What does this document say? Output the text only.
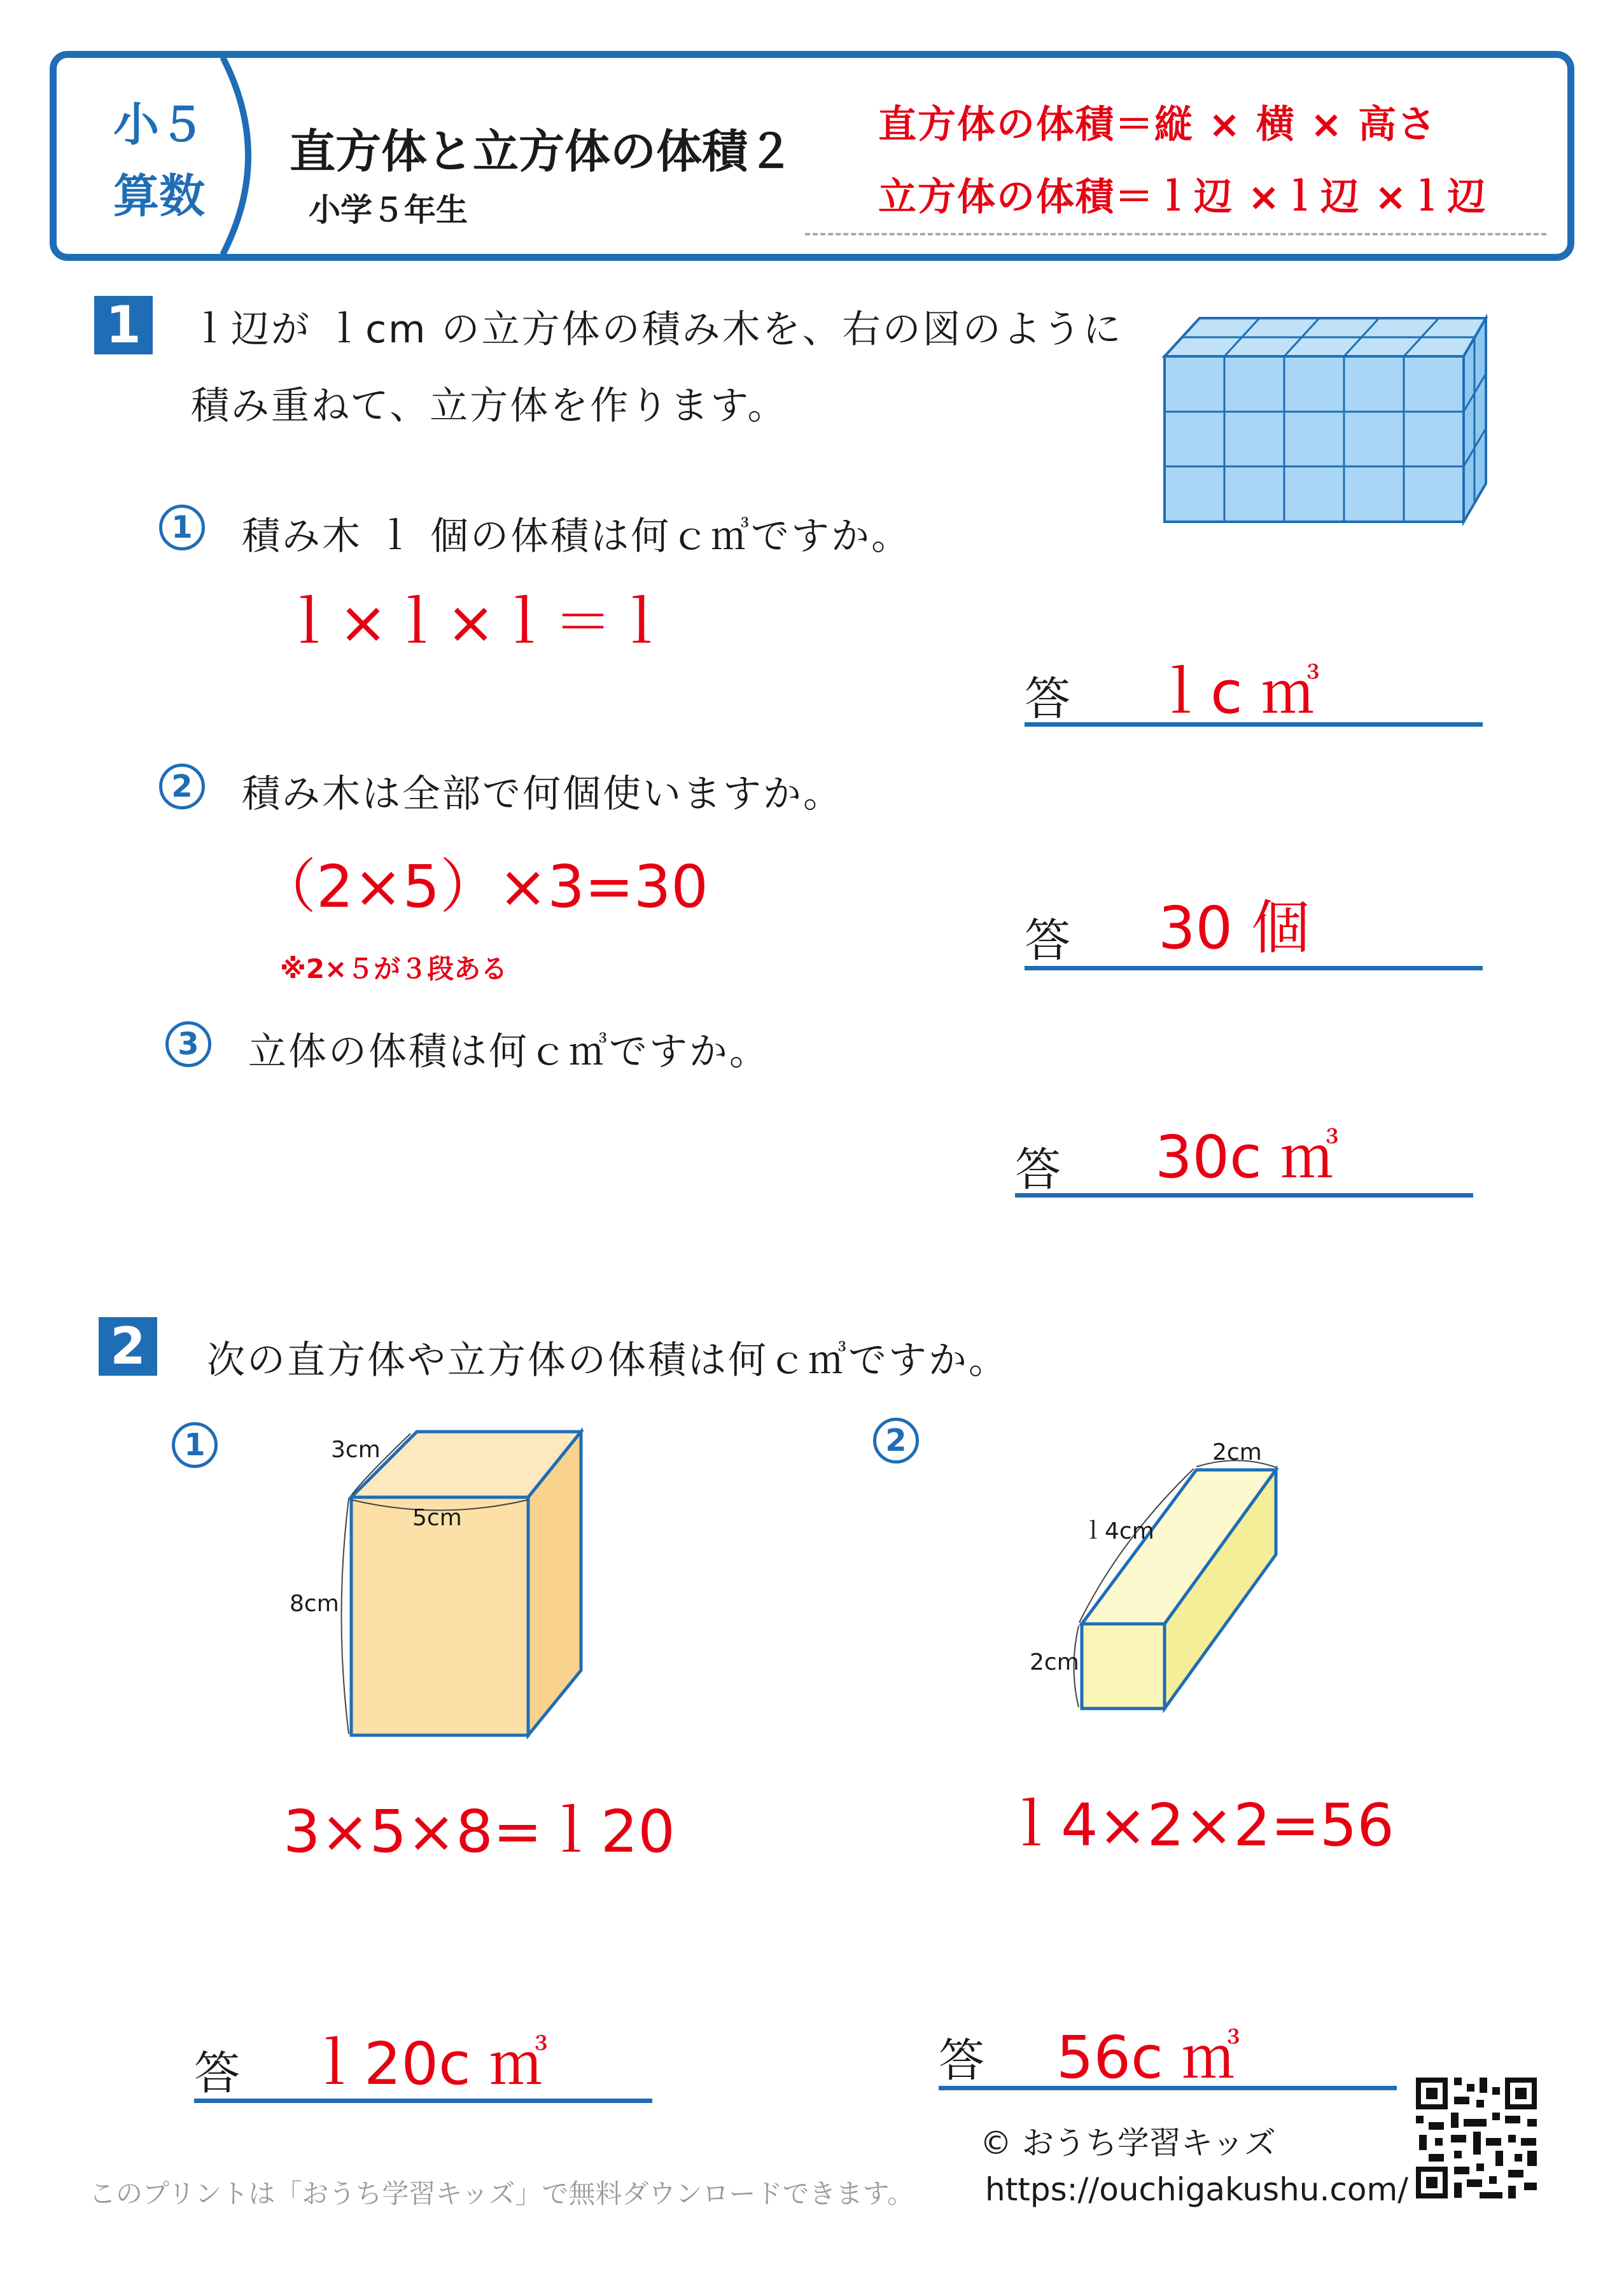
小５
算数
直方体と立方体の体積２
小学５年生
直方体の体積＝縦 × 横 × 高さ
立方体の体積＝ｌ辺 ×ｌ辺 ×ｌ辺
1	ｌ辺が ｌcm の立方体の積み木を、右の図のように
積み重ねて、立方体を作ります。
1	積み木 ｌ 個の体積は何ｃ㎥ですか。
ｌ×ｌ×ｌ＝ｌ
答 ｌc ㎥
2	積み木は全部で何個使いますか。
（2×5）×3=30
※2×５が３段ある
答 30 個
3	立体の体積は何ｃ㎥ですか。
答 30c ㎥
2	次の直方体や立方体の体積は何ｃ㎥ですか。
1	3cm
5cm
8cm
3×5×8=ｌ20
答 ｌ20c ㎥
2	2cm
ｌ4cm
2cm
ｌ4×2×2=56
答 56c ㎥
このプリントは「おうち学習キッズ」で無料ダウンロードできます。
© おうち学習キッズ
https://ouchigakushu.com/
